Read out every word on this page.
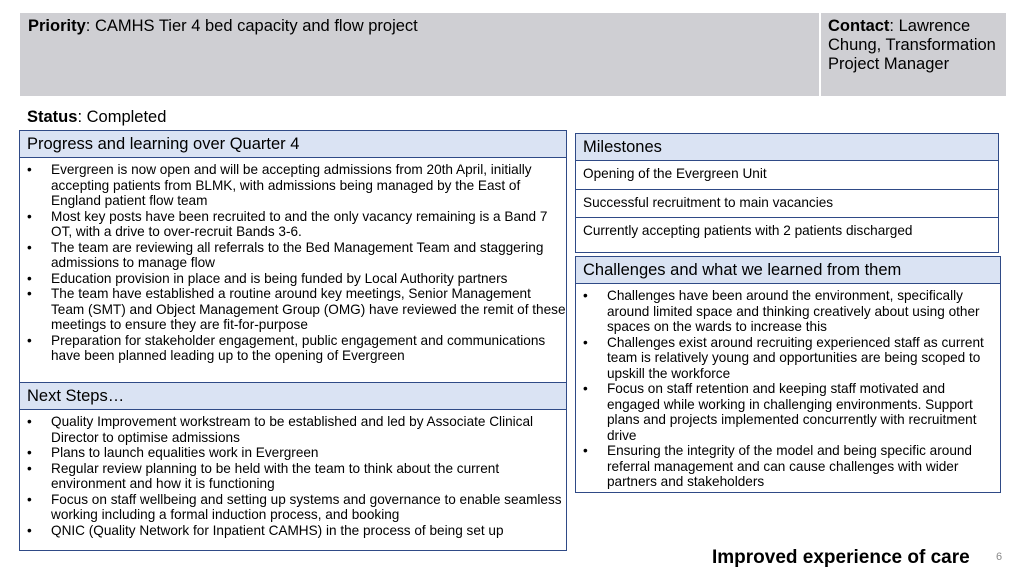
Priority: CAMHS Tier 4 bed capacity and flow project	Contact: Lawrence Chung, Transformation Project Manager
Status: Completed
Progress and learning over Quarter 4
• Evergreen is now open and will be accepting admissions from 20th April, initially accepting patients from BLMK, with admissions being managed by the East of England patient flow team
• Most key posts have been recruited to and the only vacancy remaining is a Band 7 OT, with a drive to over-recruit Bands 3-6.
• The team are reviewing all referrals to the Bed Management Team and staggering admissions to manage flow
• Education provision in place and is being funded by Local Authority partners
• The team have established a routine around key meetings, Senior Management Team (SMT) and Object Management Group (OMG) have reviewed the remit of these meetings to ensure they are fit-for-purpose
• Preparation for stakeholder engagement, public engagement and communications have been planned leading up to the opening of Evergreen
Next Steps…
• Quality Improvement workstream to be established and led by Associate Clinical Director to optimise admissions
• Plans to launch equalities work in Evergreen
• Regular review planning to be held with the team to think about the current environment and how it is functioning
• Focus on staff wellbeing and setting up systems and governance to enable seamless working including a formal induction process, and booking
• QNIC (Quality Network for Inpatient CAMHS) in the process of being set up
Milestones
Opening of the Evergreen Unit
Successful recruitment to main vacancies
Currently accepting patients with 2 patients discharged
Challenges and what we learned from them
• Challenges have been around the environment, specifically around limited space and thinking creatively about using other spaces on the wards to increase this
• Challenges exist around recruiting experienced staff as current team is relatively young and opportunities are being scoped to upskill the workforce
• Focus on staff retention and keeping staff motivated and engaged while working in challenging environments. Support plans and projects implemented concurrently with recruitment drive
• Ensuring the integrity of the model and being specific around referral management and can cause challenges with wider partners and stakeholders
Improved experience of care 6
